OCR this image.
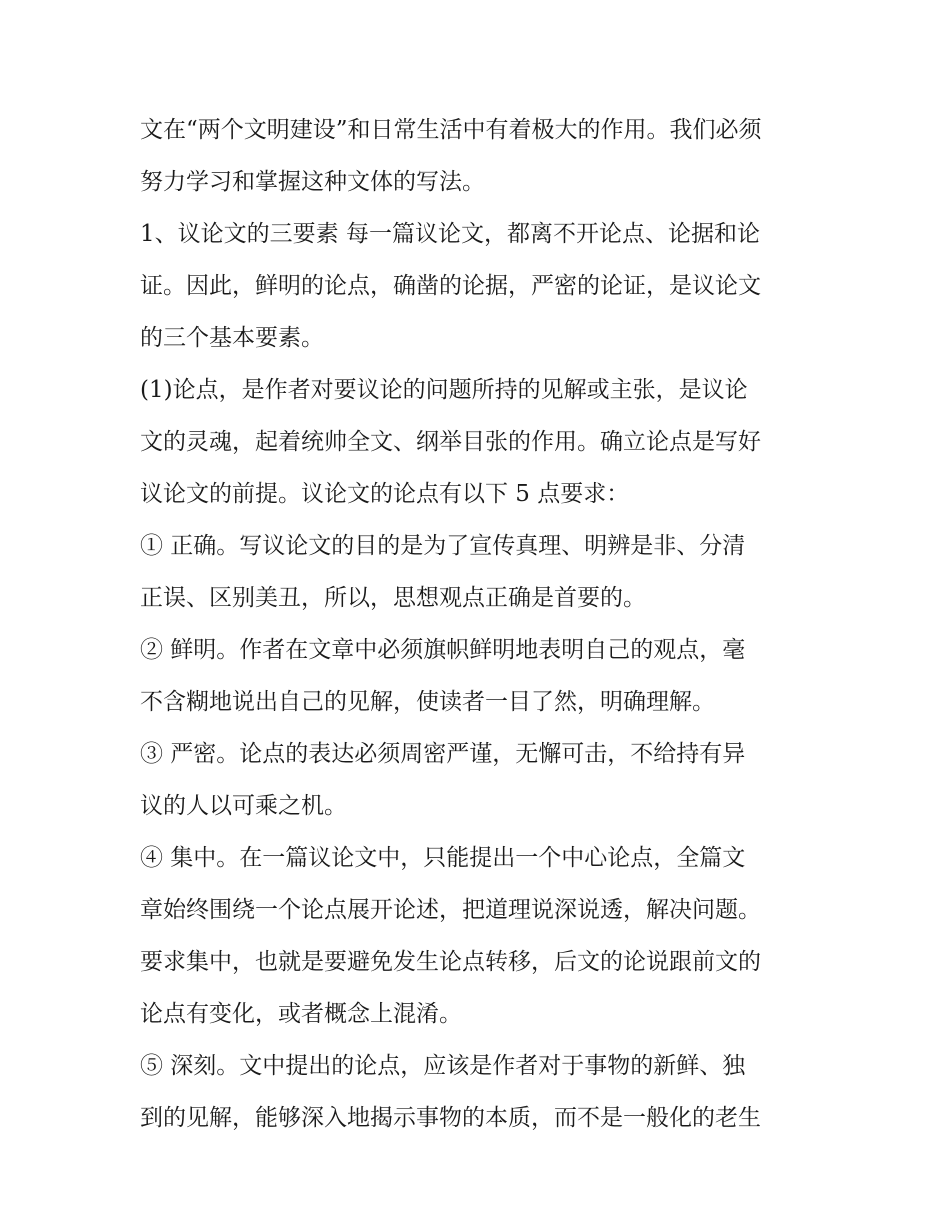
文在“两个文明建设”和日常生活中有着极大的作用。我们必须
努力学习和掌握这种文体的写法。
1、议论文的三要素 每一篇议论文，都离不开论点、论据和论
证。因此，鲜明的论点，确凿的论据，严密的论证，是议论文
的三个基本要素。
(1)论点，是作者对要议论的问题所持的见解或主张，是议论
文的灵魂，起着统帅全文、纲举目张的作用。确立论点是写好
议论文的前提。议论文的论点有以下 5 点要求：
① 正确。写议论文的目的是为了宣传真理、明辨是非、分清
正误、区别美丑，所以，思想观点正确是首要的。
② 鲜明。作者在文章中必须旗帜鲜明地表明自己的观点，毫
不含糊地说出自己的见解，使读者一目了然，明确理解。
③ 严密。论点的表达必须周密严谨，无懈可击，不给持有异
议的人以可乘之机。
④ 集中。在一篇议论文中，只能提出一个中心论点，全篇文
章始终围绕一个论点展开论述，把道理说深说透，解决问题。
要求集中，也就是要避免发生论点转移，后文的论说跟前文的
论点有变化，或者概念上混淆。
⑤ 深刻。文中提出的论点，应该是作者对于事物的新鲜、独
到的见解，能够深入地揭示事物的本质，而不是一般化的老生
